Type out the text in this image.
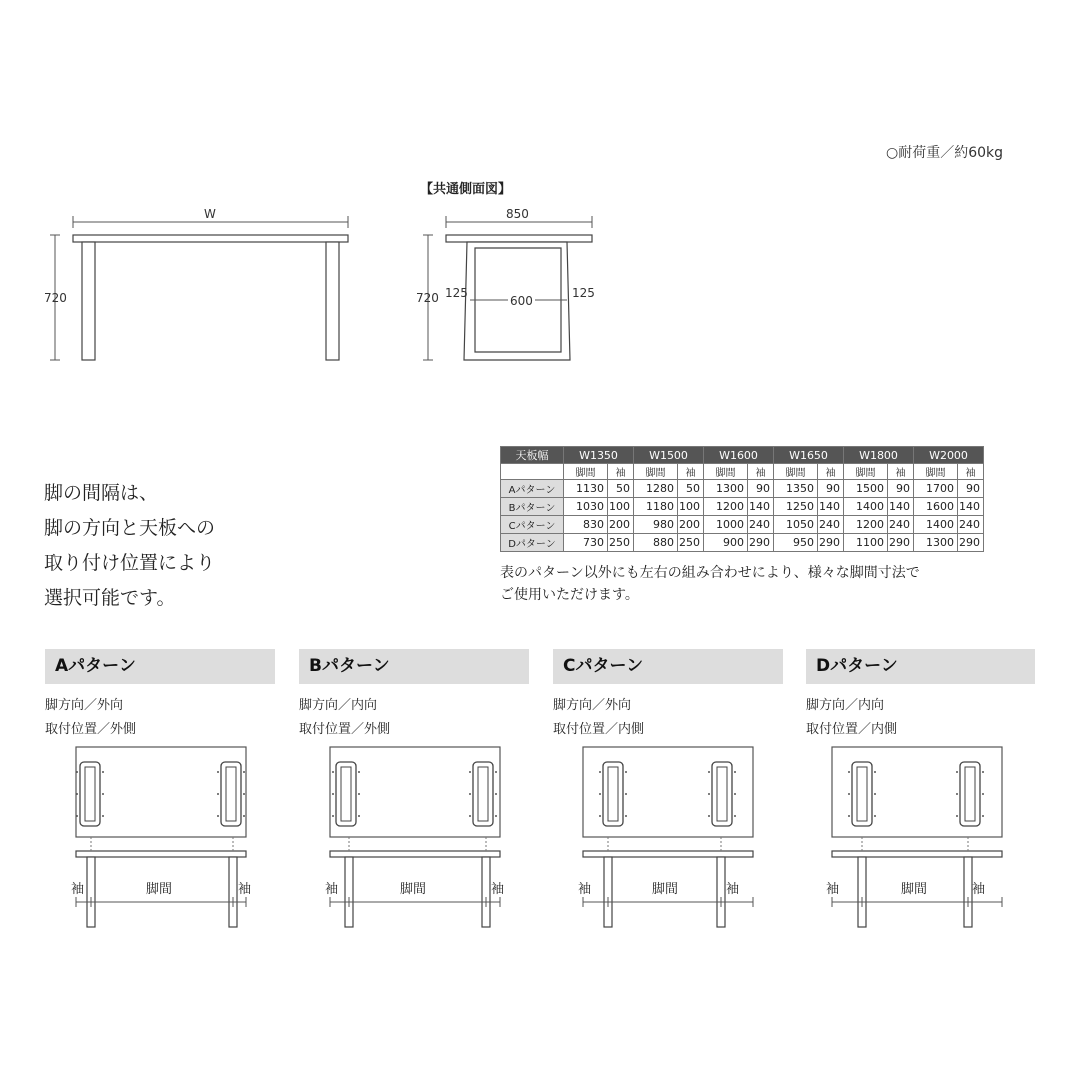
○耐荷重／約60kg
【共通側面図】
W
720
850
720 125
600
125
脚の間隔は、
脚の方向と天板への
取り付け位置により
選択可能です。
天板幅	W1350		W1500		W1600		W1650		W1800		W2000	
	脚間	袖	脚間	袖	脚間	袖	脚間	袖	脚間	袖	脚間	袖
Aパターン	1130	50	1280	50	1300	90	1350	90	1500	90	1700	90
Bパターン	1030	100	1180	100	1200	140	1250	140	1400	140	1600	140
Cパターン	830	200	980	200	1000	240	1050	240	1200	240	1400	240
Dパターン	730	250	880	250	900	290	950	290	1100	290	1300	290
表のパターン以外にも左右の組み合わせにより、様々な脚間寸法で
ご使用いただけます。
Aパターン	Bパターン	Cパターン	Dパターン
脚方向／外向
取付位置／外側
脚方向／内向
取付位置／外側
脚方向／外向
取付位置／内側
脚方向／内向
取付位置／内側
袖	脚間	袖	袖	脚間	袖	袖	脚間	袖	袖	脚間	袖
